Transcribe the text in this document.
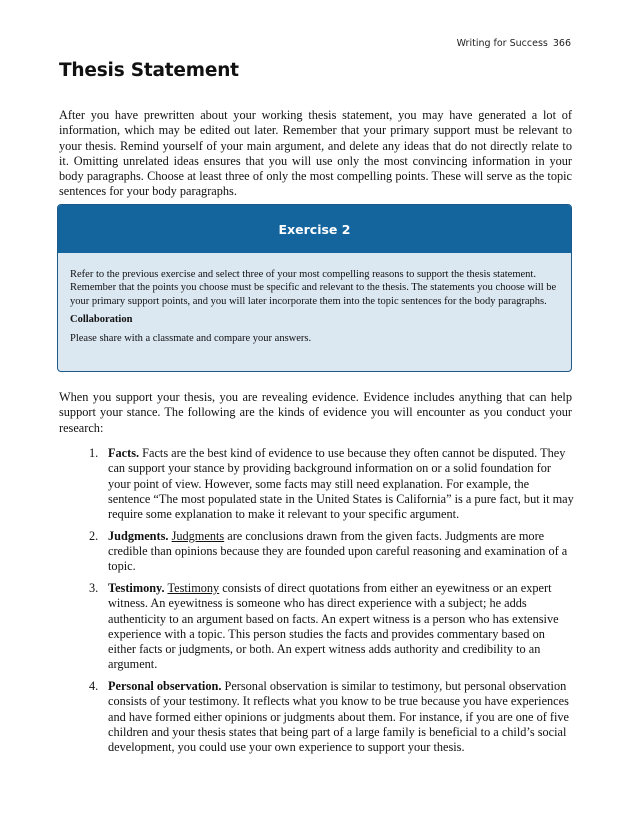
Writing for Success 366
Thesis Statement

After you have prewritten about your working thesis statement, you may have generated a lot of information, which may be edited out later. Remember that your primary support must be relevant to your thesis. Remind yourself of your main argument, and delete any ideas that do not directly relate to it. Omitting unrelated ideas ensures that you will use only the most convincing information in your body paragraphs. Choose at least three of only the most compelling points. These will serve as the topic sentences for your body paragraphs.

Exercise 2

Refer to the previous exercise and select three of your most compelling reasons to support the thesis statement. Remember that the points you choose must be specific and relevant to the thesis. The statements you choose will be your primary support points, and you will later incorporate them into the topic sentences for the body paragraphs.

Collaboration

Please share with a classmate and compare your answers.

When you support your thesis, you are revealing evidence. Evidence includes anything that can help support your stance. The following are the kinds of evidence you will encounter as you conduct your research:

1. Facts. Facts are the best kind of evidence to use because they often cannot be disputed. They can support your stance by providing background information on or a solid foundation for your point of view. However, some facts may still need explanation. For example, the sentence “The most populated state in the United States is California” is a pure fact, but it may require some explanation to make it relevant to your specific argument.
2. Judgments. Judgments are conclusions drawn from the given facts. Judgments are more credible than opinions because they are founded upon careful reasoning and examination of a topic.
3. Testimony. Testimony consists of direct quotations from either an eyewitness or an expert witness. An eyewitness is someone who has direct experience with a subject; he adds authenticity to an argument based on facts. An expert witness is a person who has extensive experience with a topic. This person studies the facts and provides commentary based on either facts or judgments, or both. An expert witness adds authority and credibility to an argument.
4. Personal observation. Personal observation is similar to testimony, but personal observation consists of your testimony. It reflects what you know to be true because you have experiences and have formed either opinions or judgments about them. For instance, if you are one of five children and your thesis states that being part of a large family is beneficial to a child’s social development, you could use your own experience to support your thesis.
